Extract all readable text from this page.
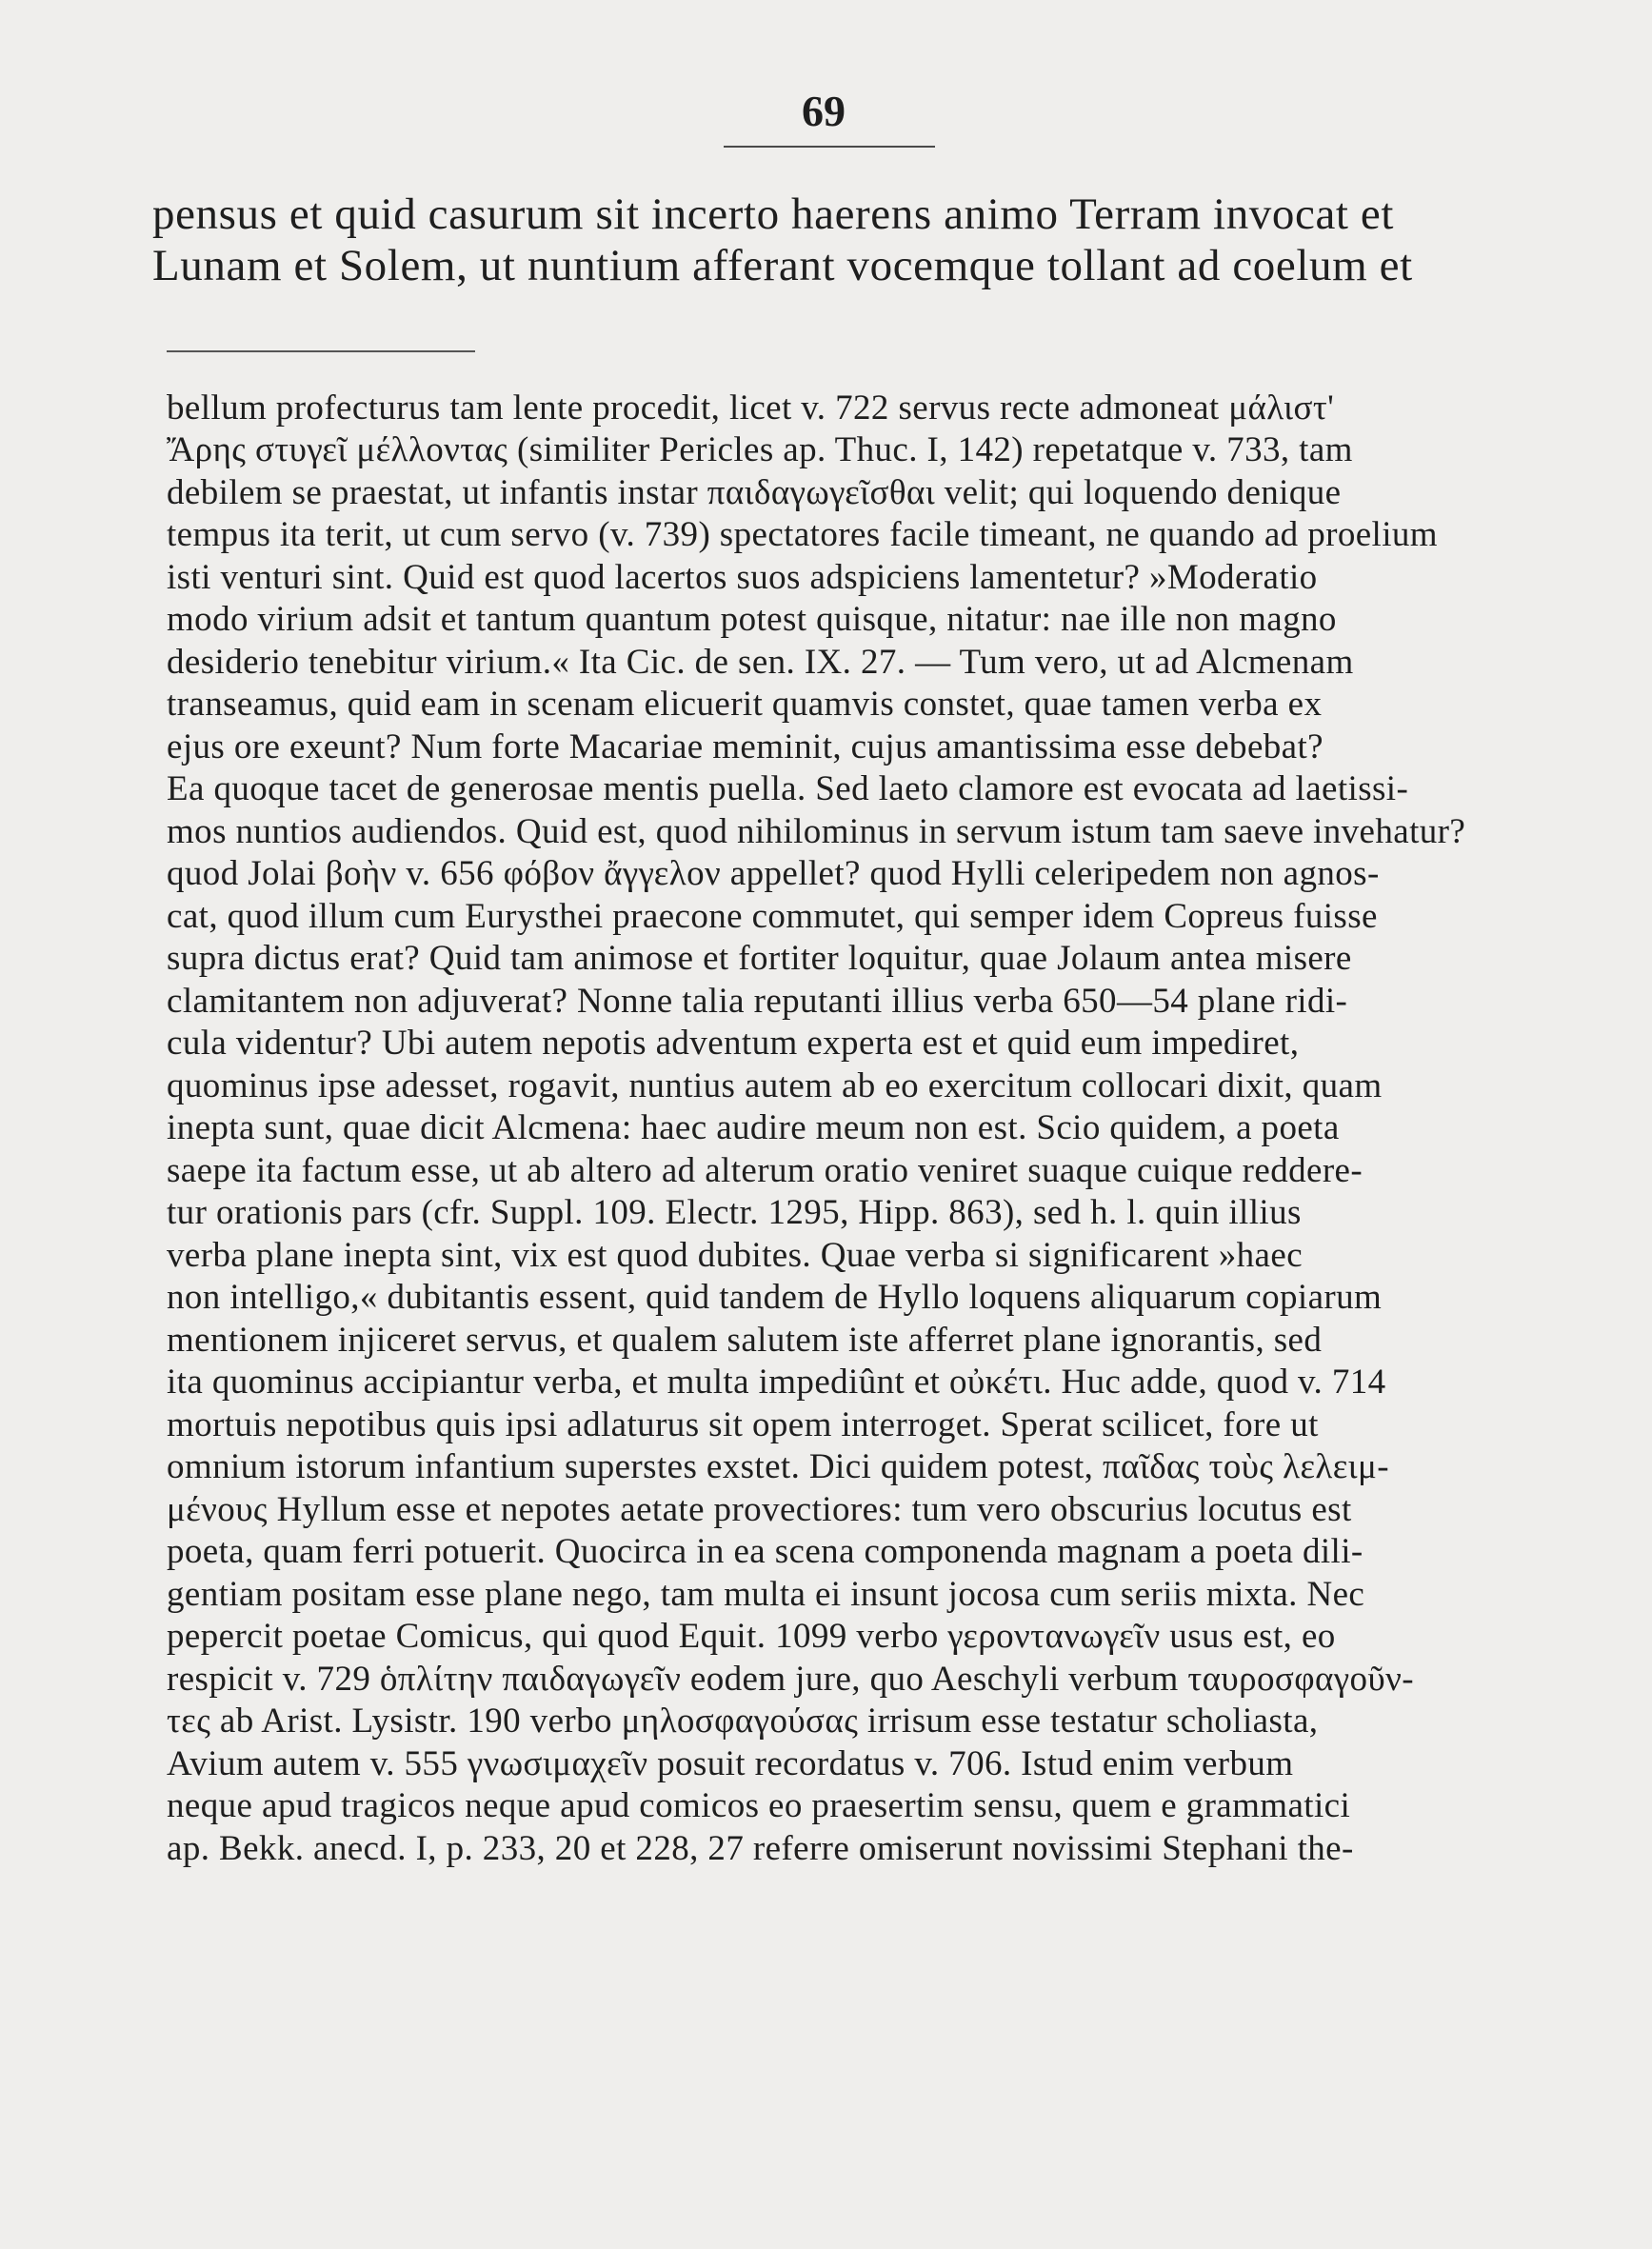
69
pensus et quid casurum sit incerto haerens animo Terram invocat et
Lunam et Solem, ut nuntium afferant vocemque tollant ad coelum et
bellum profecturus tam lente procedit, licet v. 722 servus recte admoneat μάλιστ'
Ἄρης στυγεῖ μέλλοντας (similiter Pericles ap. Thuc. I, 142) repetatque v. 733, tam
debilem se praestat, ut infantis instar παιδαγωγεῖσθαι velit; qui loquendo denique
tempus ita terit, ut cum servo (v. 739) spectatores facile timeant, ne quando ad proelium
isti venturi sint. Quid est quod lacertos suos adspiciens lamentetur? »Moderatio
modo virium adsit et tantum quantum potest quisque, nitatur: nae ille non magno
desiderio tenebitur virium.« Ita Cic. de sen. IX. 27. — Tum vero, ut ad Alcmenam
transeamus, quid eam in scenam elicuerit quamvis constet, quae tamen verba ex
ejus ore exeunt? Num forte Macariae meminit, cujus amantissima esse debebat?
Ea quoque tacet de generosae mentis puella. Sed laeto clamore est evocata ad laetissi-
mos nuntios audiendos. Quid est, quod nihilominus in servum istum tam saeve invehatur?
quod Jolai βοὴν v. 656 φόβον ἄγγελον appellet? quod Hylli celeripedem non agnos-
cat, quod illum cum Eurysthei praecone commutet, qui semper idem Copreus fuisse
supra dictus erat? Quid tam animose et fortiter loquitur, quae Jolaum antea misere
clamitantem non adjuverat? Nonne talia reputanti illius verba 650—54 plane ridi-
cula videntur? Ubi autem nepotis adventum experta est et quid eum impediret,
quominus ipse adesset, rogavit, nuntius autem ab eo exercitum collocari dixit, quam
inepta sunt, quae dicit Alcmena: haec audire meum non est. Scio quidem, a poeta
saepe ita factum esse, ut ab altero ad alterum oratio veniret suaque cuique reddere-
tur orationis pars (cfr. Suppl. 109. Electr. 1295, Hipp. 863), sed h. l. quin illius
verba plane inepta sint, vix est quod dubites. Quae verba si significarent »haec
non intelligo,« dubitantis essent, quid tandem de Hyllo loquens aliquarum copiarum
mentionem injiceret servus, et qualem salutem iste afferret plane ignorantis, sed
ita quominus accipiantur verba, et multa impediûnt et οὐκέτι. Huc adde, quod v. 714
mortuis nepotibus quis ipsi adlaturus sit opem interroget. Sperat scilicet, fore ut
omnium istorum infantium superstes exstet. Dici quidem potest, παῖδας τοὺς λελειμ-
μένους Hyllum esse et nepotes aetate provectiores: tum vero obscurius locutus est
poeta, quam ferri potuerit. Quocirca in ea scena componenda magnam a poeta dili-
gentiam positam esse plane nego, tam multa ei insunt jocosa cum seriis mixta. Nec
pepercit poetae Comicus, qui quod Equit. 1099 verbo γεροντανωγεῖν usus est, eo
respicit v. 729 ὁπλίτην παιδαγωγεῖν eodem jure, quo Aeschyli verbum ταυροσφαγοῦν-
τες ab Arist. Lysistr. 190 verbo μηλοσφαγούσας irrisum esse testatur scholiasta,
Avium autem v. 555 γνωσιμαχεῖν posuit recordatus v. 706. Istud enim verbum
neque apud tragicos neque apud comicos eo praesertim sensu, quem e grammatici
ap. Bekk. anecd. I, p. 233, 20 et 228, 27 referre omiserunt novissimi Stephani the-
